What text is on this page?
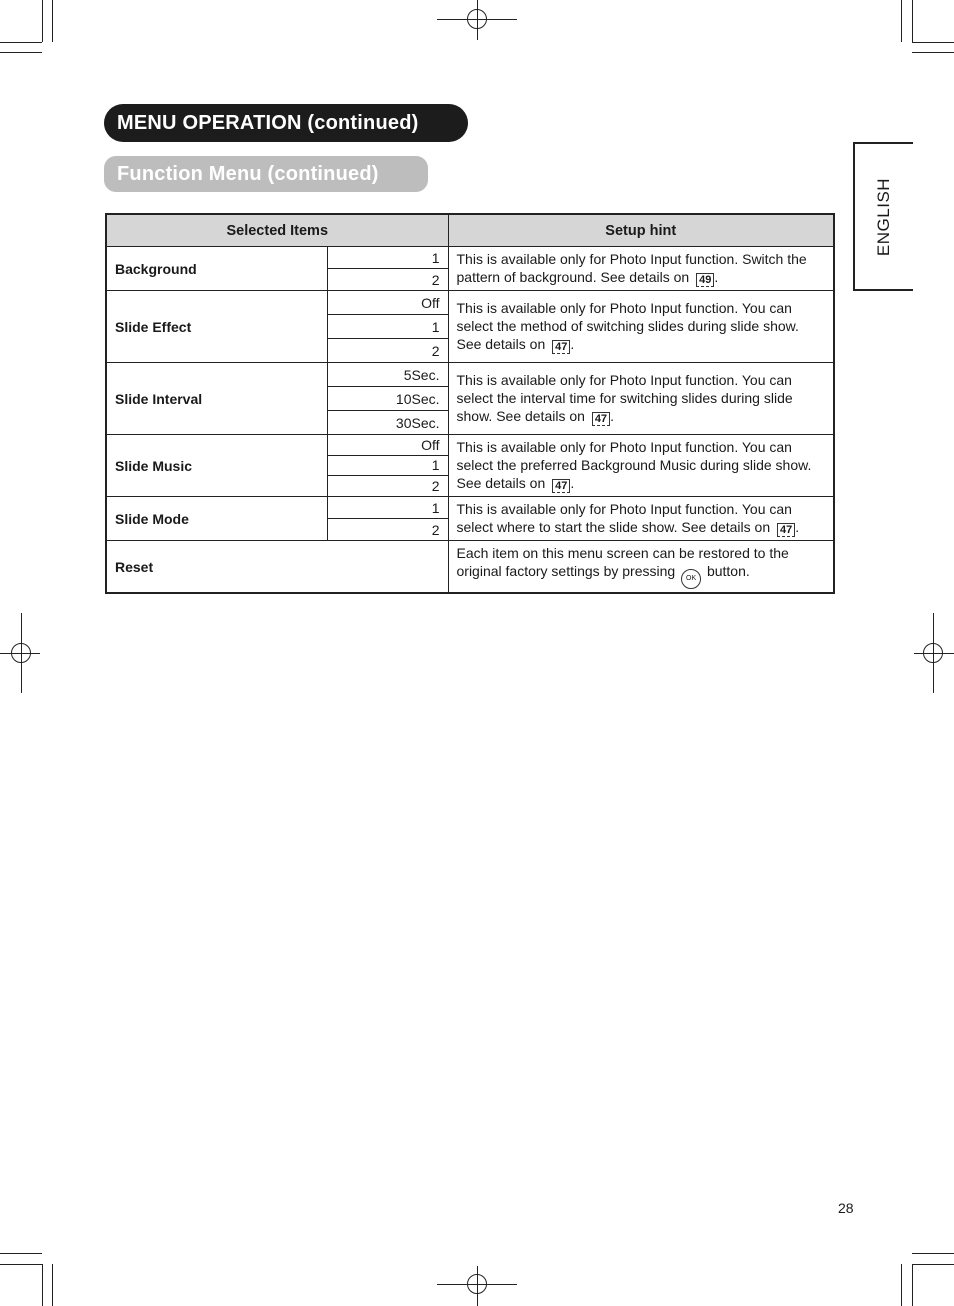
MENU OPERATION (continued)
Function Menu (continued)
ENGLISH
Selected Items		Setup hint
Background	1	This is available only for Photo Input function. Switch the pattern of background. See details on 49 .
	2	
Slide Effect	Off	This is available only for Photo Input function. You can select the method of switching slides during slide show. See details on 47 .
	1	
	2	
Slide Interval	5Sec.	This is available only for Photo Input function. You can select the interval time for switching slides during slide show. See details on 47 .
	10Sec.	
	30Sec.	
Slide Music	Off	This is available only for Photo Input function. You can select the preferred Background Music during slide show. See details on 47 .
	1	
	2	
Slide Mode	1	This is available only for Photo Input function. You can select where to start the slide show. See details on 47 .
	2	
Reset		Each item on this menu screen can be restored to the original factory settings by pressing OK button.
28
